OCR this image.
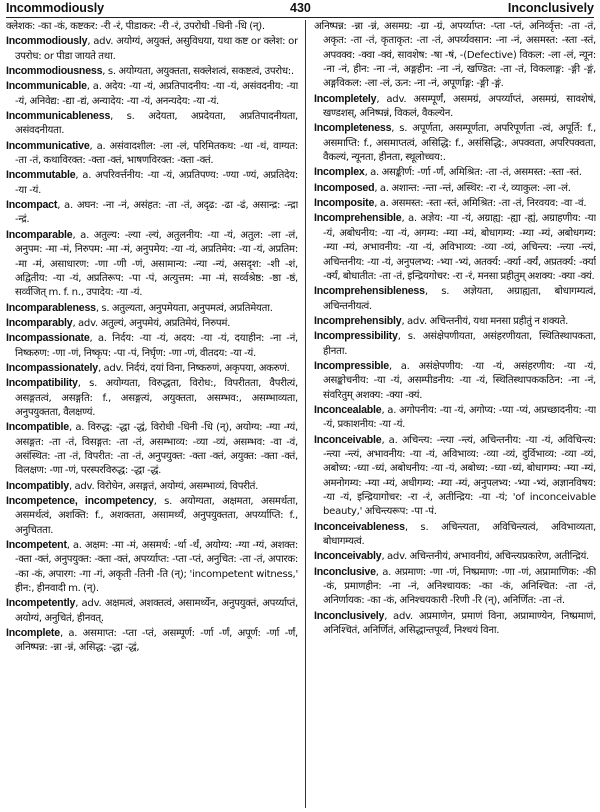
Incommodiously	430	Inconclusively

क्लेशक: -का -कं, कष्टकर: -री -रं, पीडाकर: -री -रं, उपरोधी -धिनी -धि (न्).

Incommodiously, adv. अयोग्यं, अयुक्तं, असुविधया, यथा कष्ट or क्लेश: or उपरोध: or पीडा जायते तथा.

Incommodiousness, s. अयोग्यता, अयुक्तता, सक्लेशत्वं, सकष्टत्वं, उपरोध:.

Incommunicable, a. अदेय: -या -यं, अप्रतिपादनीय: -या -यं, असंवदनीय: -या -यं, अनिवेद्य: -द्या -द्यं, अन्यादेय: -या -यं, अनन्यदेय: -या -यं.

Incommunicableness, s. अदेयता, अप्रदेयता, अप्रतिपादनीयता, असंवदनीयता.

Incommunicative, a. असंवादशील: -ला -लं, परिमितकथ: -था -थं, वाग्यत: -ता -तं, कथाविरक्त: -क्ता -क्तं, भाषणविरक्त: -क्ता -क्तं.

Incommutable, a. अपरिवर्त्तनीय: -या -यं, अप्रतिपण्य: -ण्या -ण्यं, अप्रतिदेय: -या -यं.

Incompact, a. अघन: -ना -नं, असंहत: -ता -तं, अदृढ: -ढा -ढं, असान्द्र: -न्द्रा -न्द्रं.

Incomparable, a. अतुल्य: -ल्या -ल्यं, अतुलनीय: -या -यं, अतुल: -ला -लं, अनुपम: -मा -मं, निरुपम: -मा -मं, अनुपमेय: -या -यं, अप्रतिमेय: -या -यं, अप्रतिम: -मा -मं, असाधारण: -णा -णी -णं, असामान्य: -न्या -न्यं, असदृश: -शी -शं, अद्वितीय: -या -यं, अप्रतिरूप: -पा -पं, अत्युत्तम: -मा -मं, सर्व्वश्रेष्ठ: -ष्ठा -ष्ठं, सर्व्वजित् m. f. n., उपादेय: -या -यं.

Incomparableness, s. अतुल्यता, अनुपमेयता, अनुपमत्वं, अप्रतिमेयता.

Incomparably, adv. अतुल्यं, अनुपमेयं, अप्रतिमेयं, निरुपमं.

Incompassionate, a. निर्दय: -या -यं, अदय: -या -यं, दयाहीन: -ना -नं, निष्करुण: -णा -णं, निष्कृप: -पा -पं, निर्घृण: -णा -णं, वीतदय: -या -यं.

Incompassionately, adv. निर्दयं, दयां विना, निष्करुणं, अकृपया, अकरुणं.

Incompatibility, s. अयोग्यता, विरुद्धता, विरोध:, विपरीतता, वैपरीत्यं, असङ्गतत्वं, असङ्गति: f., असङ्गत्यं, अयुक्तता, असम्भव:, असम्भाव्यता, अनुपयुक्तता, वैलक्षण्यं.

Incompatible, a. विरुद्ध: -द्धा -द्धं, विरोधी -धिनी -धि (न्), अयोग्य: -ग्या -ग्यं, असङ्गत: -ता -तं, विसङ्गत: -ता -तं, असम्भाव्य: -व्या -व्यं, असम्भव: -वा -वं, असंस्थित: -ता -तं, विपरीत: -ता -तं, अनुपयुक्त: -क्ता -क्तं, अयुक्त: -क्ता -क्तं, विलक्षण: -णा -णं, परस्परविरुद्ध: -द्धा -द्धं.

Incompatibly, adv. विरोधेन, असङ्गतं, अयोग्यं, असम्भाव्यं, विपरीतं.

Incompetence, incompetency, s. अयोग्यता, अक्षमता, असमर्थता, असमर्थत्वं, अशक्ति: f., अशक्तता, असामर्थ्यं, अनुपयुक्तता, अपर्य्याप्ति: f., अनुचितता.

Incompetent, a. अक्षम: -मा -मं, असमर्थ: -र्था -र्थं, अयोग्य: -ग्या -ग्यं, अशक्त: -क्ता -क्तं, अनुपयुक्त: -क्ता -क्तं, अपर्य्याप्त: -प्ता -प्तं, अनुचित: -ता -तं, अपारक: -का -कं, अपारग: -गा -गं, अकृती -तिनी -ति (न्); 'incompetent witness,' हीन:, हीनवादी m. (न्).

Incompetently, adv. अक्षमत्वं, अशक्तत्वं, असामर्थ्येन, अनुपयुक्तं, अपर्य्याप्तं, अयोग्यं, अनुचितं, हीनवत्.

Incomplete, a. असमाप्त: -प्ता -प्तं, असम्पूर्ण: -र्णा -र्णं, अपूर्ण: -र्णा -र्णं, अनिष्पन्न: -न्ना -न्नं, असिद्ध: -द्धा -द्धं,

अनिष्पन्न: -न्ना -न्नं, असमग्र: -ग्रा -ग्रं, अपर्य्याप्त: -प्ता -प्तं, अनिर्व्वृत्त: -ता -तं, अकृत: -ता -तं, कृताकृत: -ता -तं, अपर्य्यवसान: -ना -नं, असमस्त: -स्ता -स्तं, अपवक्व: -क्वा -क्वं, सावशेष: -षा -षं, -(Defective) विकल: -ला -लं, न्यून: -ना -नं, हीन: -ना -नं, अङ्गहीन: -ना -नं, खण्डित: -ता -तं, विकलाङ्ग: -ङ्गी -ङ्गं, अङ्गविकल: -ला -लं, ऊन: -ना -नं, अपूर्णाङ्ग: -ङ्गी -ङ्गं.

Incompletely, adv. असम्पूर्णं, असमग्रं, अपर्य्याप्तं, असमग्रं, सावशेषं, खण्डशस्, अनिष्पन्नं, विकलं, वैकल्येन.

Incompleteness, s. अपूर्णता, असम्पूर्णता, अपरिपूर्णता -त्वं, अपूर्ति: f., असमाप्ति: f., असमाप्तत्वं, असिद्धि: f., असंसिद्धि:, अपक्वता, अपरिपक्वता, वैकल्यं, न्यूनता, हीनता, स्थूलोच्चय:.

Incomplex, a. असङ्कीर्ण: -र्णा -र्णं, अमिश्रित: -ता -तं, असमस्त: -स्ता -स्तं.

Incomposed, a. अशान्त: -न्ता -न्तं, अस्थिर: -रा -रं, व्याकुल: -ला -लं.

Incomposite, a. असमस्त: -स्ता -स्तं, अमिश्रित: -ता -तं, निरवयव: -वा -वं.

Incomprehensible, a. अज्ञेय: -या -यं, अग्राह्य: -ह्या -ह्यं, अग्राहणीय: -या -यं, अबोधनीय: -या -यं, अगम्य: -म्या -म्यं, बोधागम्य: -म्या -म्यं, अबोधगम्य: -म्या -म्यं, अभावनीय: -या -यं, अविभाव्य: -व्या -व्यं, अचिन्त्य: -न्त्या -न्त्यं, अचिन्तनीय: -या -यं, अनुपलभ्य: -भ्या -भ्यं, अतर्क्य: -र्क्या -र्क्यं, अप्रतर्क्य: -र्क्या -र्क्यं, बोधातीत: -ता -तं, इन्द्रियगोचर: -रा -रं, मनसा प्रहीतुम् अशक्य: -क्या -क्यं.

Incomprehensibleness, s. अज्ञेयता, अग्राह्यता, बोधागम्यत्वं, अचिन्तनीयत्वं.

Incomprehensibly, adv. अचिन्तनीयं, यथा मनसा प्रहीतुं न शक्यते.

Incompressibility, s. असंक्षेपणीयता, असंहरणीयता, स्थितिस्थापकता, हीनता.

Incompressible, a. असंक्षेपणीय: -या -यं, असंहरणीय: -या -यं, असङ्कोचनीय: -या -यं, असम्पीडनीय: -या -यं, स्थितिस्थापककठिन: -ना -नं, संवरितुम् अशक्य: -क्या -क्यं.

Inconcealable, a. अगोपनीय: -या -यं, अगोप्य: -प्या -प्यं, अप्रच्छादनीय: -या -यं, प्रकाशनीय: -या -यं.

Inconceivable, a. अचिन्त्य: -न्त्या -न्त्यं, अचिन्तनीय: -या -यं, अविचिन्त्य: -न्त्या -न्त्यं, अभावनीय: -या -यं, अविभाव्य: -व्या -व्यं, दुर्विभाव्य: -व्या -व्यं, अबोध्य: -ध्या -ध्यं, अबोधनीय: -या -यं, अबोध्य: -ध्या -ध्यं, बोधागम्य: -म्या -म्यं, अमनोगम्य: -म्या -म्यं, अधीगम्य: -म्या -म्यं, अनुपलभ्य: -भ्या -भ्यं, अज्ञानविषय: -या -यं, इन्द्रियागोचर: -रा -रं, अतीन्द्रिय: -या -यं; 'of inconceivable beauty,' अचिन्त्यरूप: -पा -पं.

Inconceivableness, s. अचिन्त्यता, अविचिन्त्यत्वं, अविभाव्यता, बोधागम्यत्वं.

Inconceivably, adv. अचिन्तनीयं, अभावनीयं, अचिन्त्यप्रकारेण, अतीन्द्रियं.

Inconclusive, a. अप्रमाण: -णा -णं, निष्प्रमाण: -णा -णं, अप्रामाणिक: -की -कं, प्रमाणहीन: -ना -नं, अनिश्चायक: -का -कं, अनिश्चित: -ता -तं, अनिर्णायक: -का -कं, अनिश्चयकारी -रिणी -रि (न्), अनिर्णित: -ता -तं.

Inconclusively, adv. अप्रमाणेन, प्रमाणं विना, अप्रामाण्येन, निष्प्रमाणं, अनिश्चितं, अनिर्णितं, असिद्धान्तपूर्व्वं, निश्चयं विना.
